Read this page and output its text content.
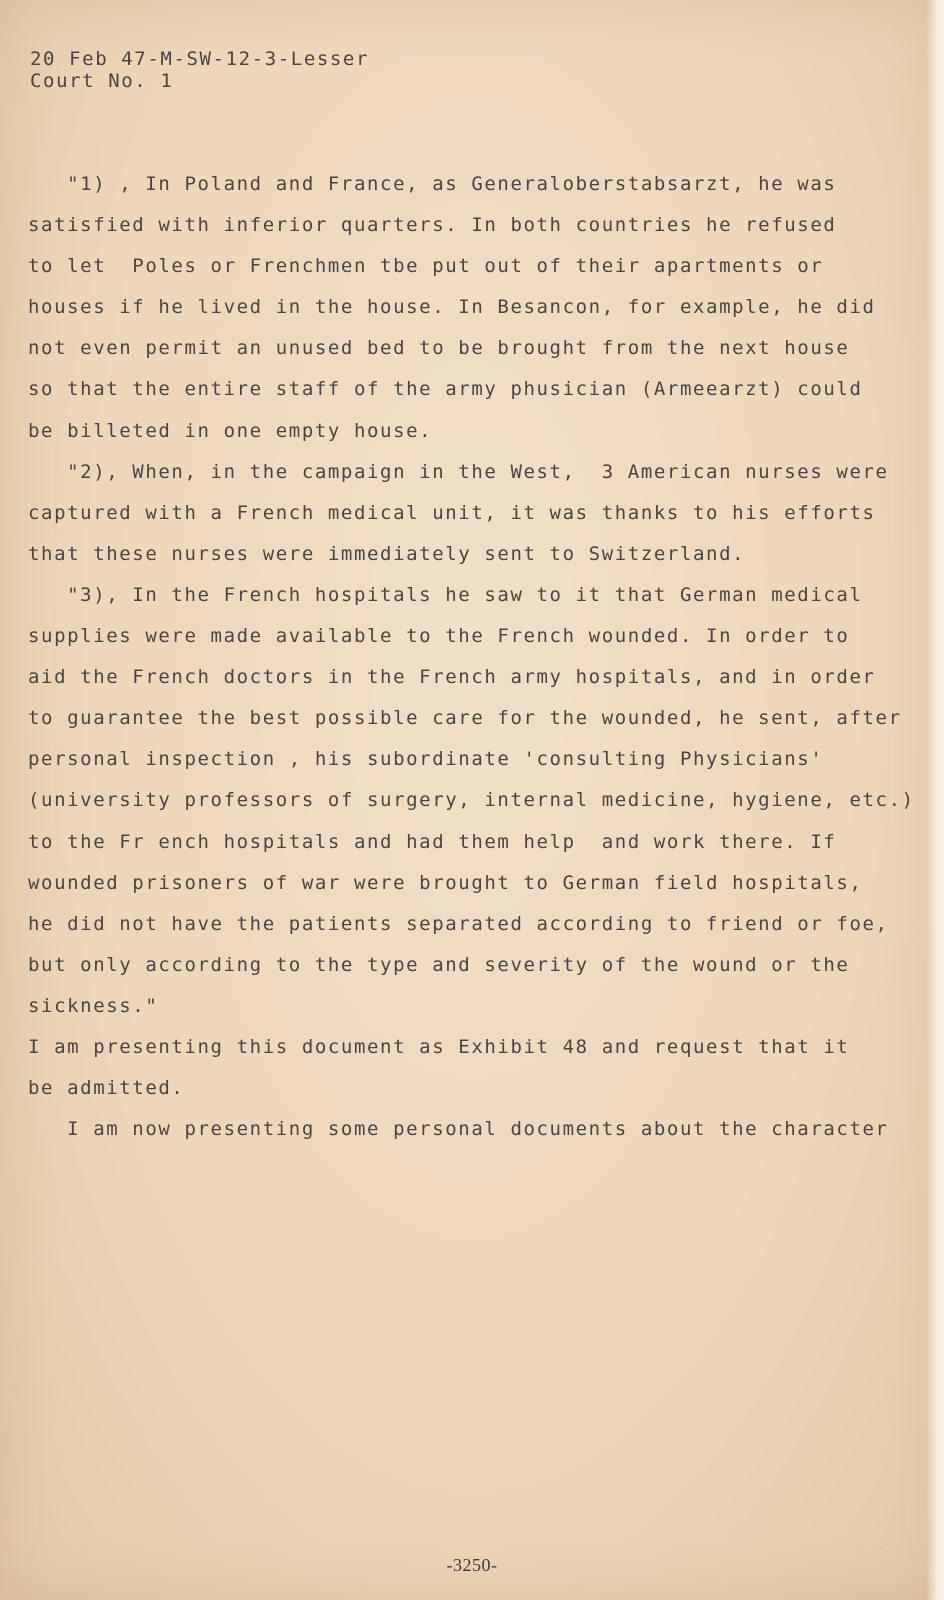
20 Feb 47-M-SW-12-3-Lesser
Court No. 1
"1) , In Poland and France, as Generaloberstabsarzt, he was
satisfied with inferior quarters. In both countries he refused
to let  Poles or Frenchmen tbe put out of their apartments or
houses if he lived in the house. In Besancon, for example, he did
not even permit an unused bed to be brought from the next house
so that the entire staff of the army phusician (Armeearzt) could
be billeted in one empty house.
"2), When, in the campaign in the West,  3 American nurses were
captured with a French medical unit, it was thanks to his efforts
that these nurses were immediately sent to Switzerland.
"3), In the French hospitals he saw to it that German medical
supplies were made available to the French wounded. In order to
aid the French doctors in the French army hospitals, and in order
to guarantee the best possible care for the wounded, he sent, after
personal inspection , his subordinate 'consulting Physicians'
(university professors of surgery, internal medicine, hygiene, etc.)
to the Fr ench hospitals and had them help  and work there. If
wounded prisoners of war were brought to German field hospitals,
he did not have the patients separated according to friend or foe,
but only according to the type and severity of the wound or the
sickness."
I am presenting this document as Exhibit 48 and request that it
be admitted.
I am now presenting some personal documents about the character
-3250-
